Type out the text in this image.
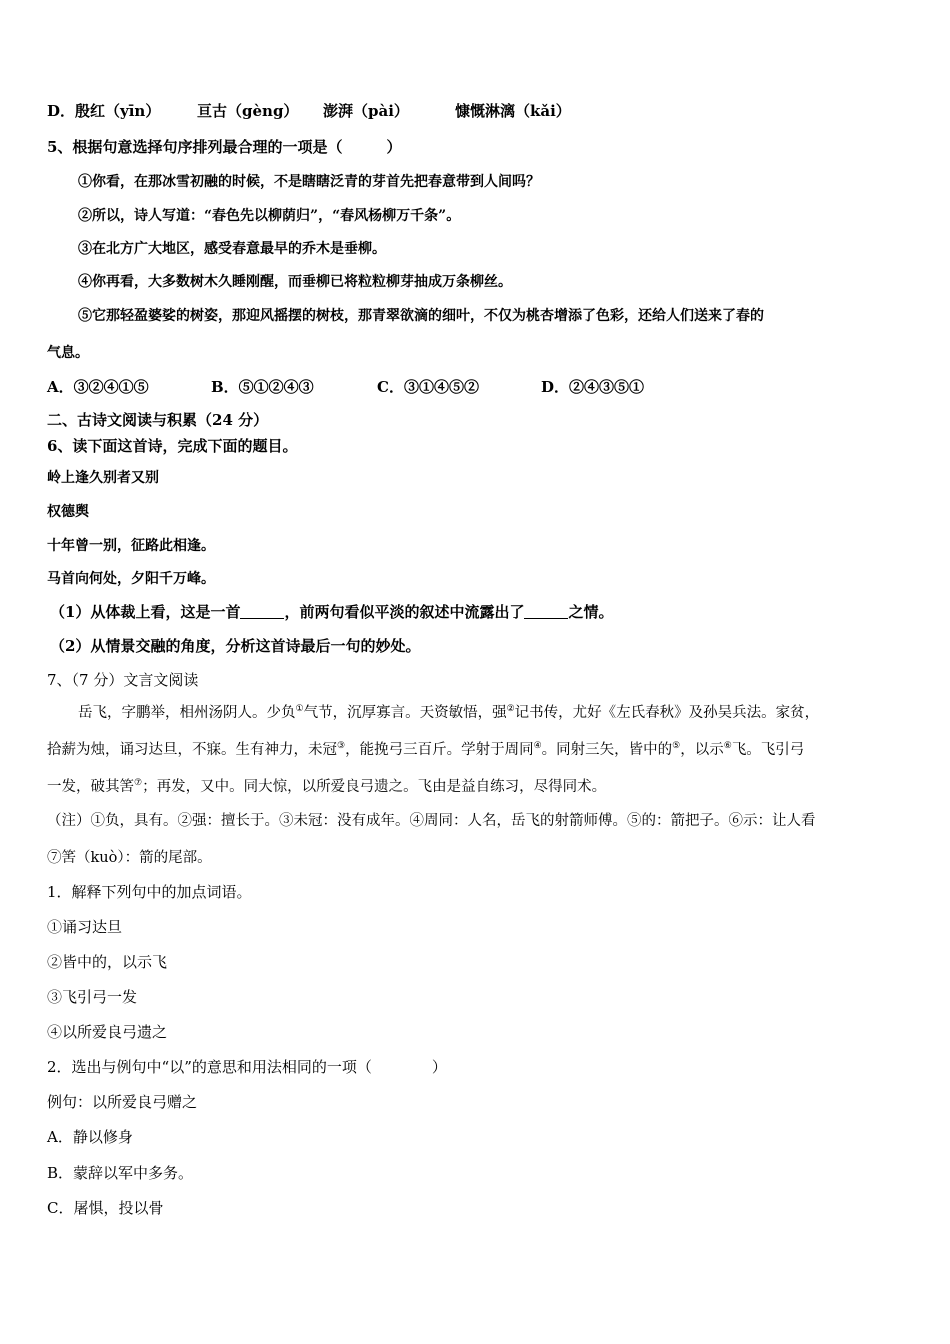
D． 殷红（yīn） 亘古（gèng） 澎湃（pài）	慷慨淋漓（kǎi）
5、根据句意选择句序排列最合理的一项是（	）
①你看，在那冰雪初融的时候，不是瞎瞎泛青的芽首先把春意带到人间吗？
②所以，诗人写道：“春色先以柳荫归”，“春风杨柳万千条”。
③在北方广大地区，感受春意最早的乔木是垂柳。
④你再看，大多数树木久睡刚醒，而垂柳已将粒粒柳芽抽成万条柳丝。
⑤它那轻盈婆娑的树姿，那迎风摇摆的树枝，那青翠欲滴的细叶，不仅为桃杏增添了色彩，还给人们送来了春的
气息。
A．③②④①⑤	B．⑤①②④③	C．③①④⑤②	D．②④③⑤①
二、古诗文阅读与积累（24 分）
6、读下面这首诗，完成下面的题目。
岭上逢久别者又别
权德舆
十年曾一别，征路此相逢。
马首向何处，夕阳千万峰。
（1）从体裁上看，这是一首	，前两句看似平淡的叙述中流露出了	之情。
（2）从情景交融的角度，分析这首诗最后一句的妙处。
7、（7 分）文言文阅读
岳飞，字鹏举，相州汤阴人。少负①气节，沉厚寡言。天资敏悟，强②记书传，尤好《左氏春秋》及孙吴兵法。家贫，
拾薪为烛，诵习达旦，不寐。生有神力，未冠③，能挽弓三百斤。学射于周同④。同射三矢，皆中的⑤，以示⑥飞。飞引弓
一发，破其筈⑦；再发，又中。同大惊，以所爱良弓遗之。飞由是益自练习，尽得同术。
（注）①负，具有。②强：擅长于。③未冠：没有成年。④周同：人名，岳飞的射箭师傅。⑤的：箭把子。⑥示：让人看
⑦筈（kuò）：箭的尾部。
1．解释下列句中的加点词语。
①诵习达旦
②皆中的，以示飞
③飞引弓一发
④以所爱良弓遗之
2．选出与例句中“以”的意思和用法相同的一项（	）
例句：以所爱良弓赠之
A．静以修身
B．蒙辞以军中多务。
C．屠惧，投以骨
